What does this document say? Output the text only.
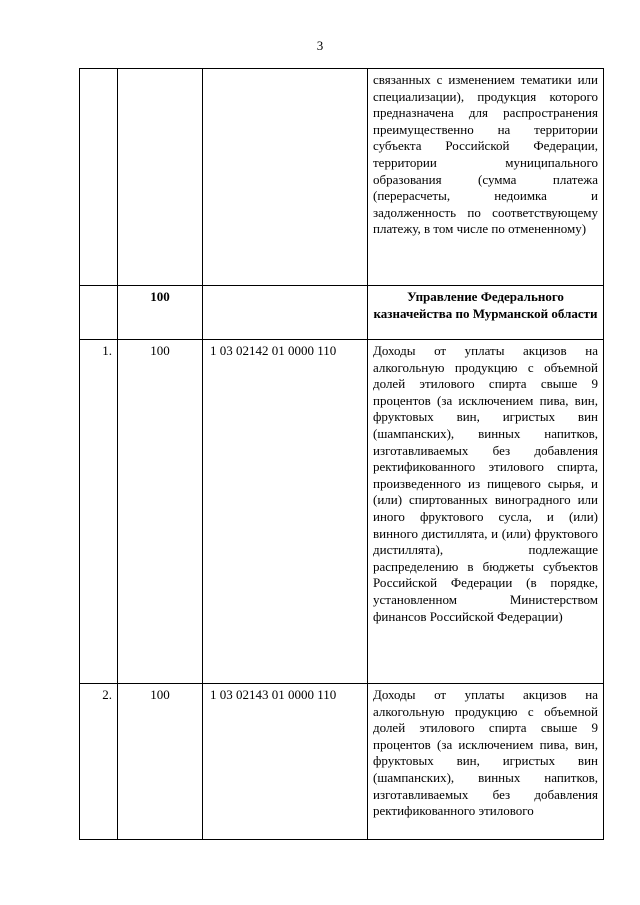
3
			связанных с изменением тематики или специализации), продукция которого предназначена для распространения преимущественно на территории субъекта Российской Федерации, территории муниципального образования (сумма платежа (перерасчеты, недоимка и задолженность по соответствующему платежу, в том числе по отмененному)
	100		Управление Федерального казначейства по Мурманской области
1.	100	1 03 02142 01 0000 110	Доходы от уплаты акцизов на алкогольную продукцию с объемной долей этилового спирта свыше 9 процентов (за исключением пива, вин, фруктовых вин, игристых вин (шампанских), винных напитков, изготавливаемых без добавления ректификованного этилового спирта, произведенного из пищевого сырья, и (или) спиртованных виноградного или иного фруктового сусла, и (или) винного дистиллята, и (или) фруктового дистиллята), подлежащие распределению в бюджеты субъектов Российской Федерации (в порядке, установленном Министерством финансов Российской Федерации)
2.	100	1 03 02143 01 0000 110	Доходы от уплаты акцизов на алкогольную продукцию с объемной долей этилового спирта свыше 9 процентов (за исключением пива, вин, фруктовых вин, игристых вин (шампанских), винных напитков, изготавливаемых без добавления ректификованного этилового
